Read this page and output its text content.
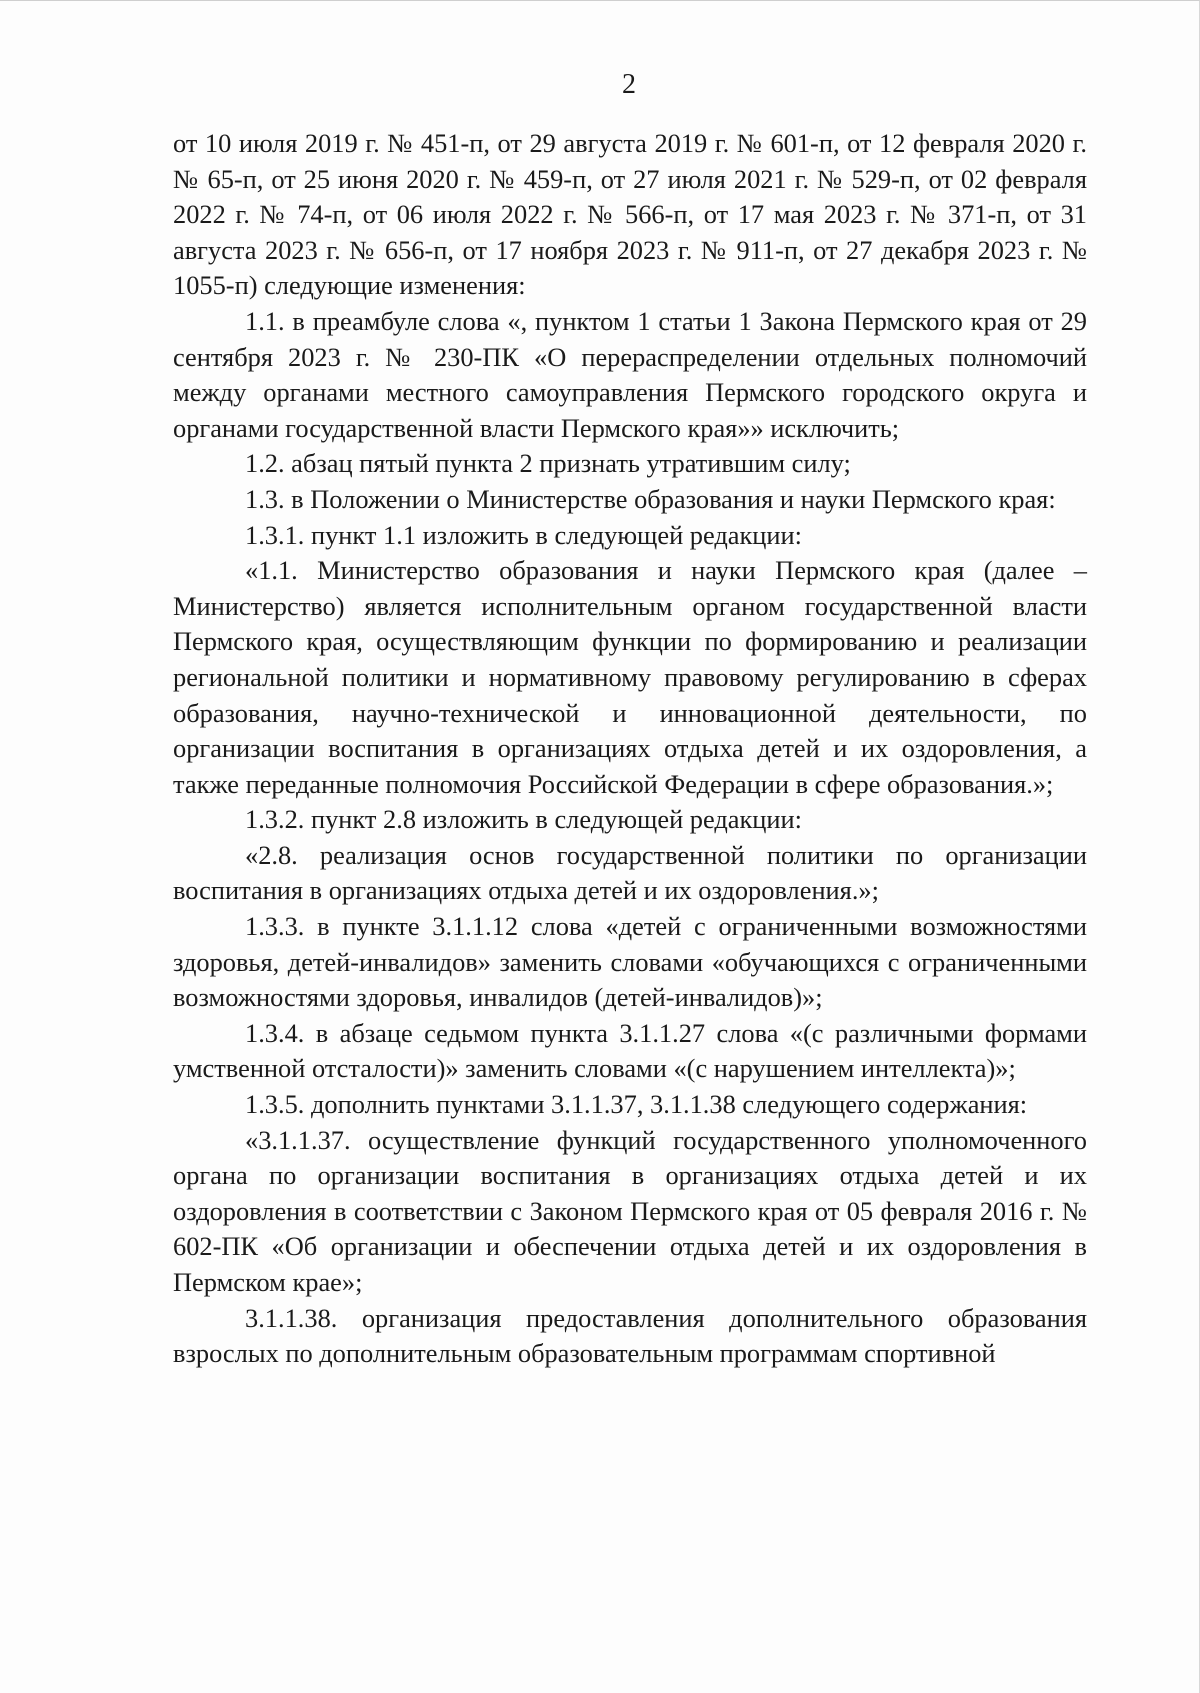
2

от 10 июля 2019 г. № 451-п, от 29 августа 2019 г. № 601-п, от 12 февраля 2020 г. № 65-п, от 25 июня 2020 г. № 459-п, от 27 июля 2021 г. № 529-п, от 02 февраля 2022 г. № 74-п, от 06 июля 2022 г. № 566-п, от 17 мая 2023 г. № 371-п, от 31 августа 2023 г. № 656-п, от 17 ноября 2023 г. № 911-п, от 27 декабря 2023 г. № 1055-п) следующие изменения:

1.1. в преамбуле слова «, пунктом 1 статьи 1 Закона Пермского края от 29 сентября 2023 г. № 230-ПК «О перераспределении отдельных полномочий между органами местного самоуправления Пермского городского округа и органами государственной власти Пермского края»» исключить;

1.2. абзац пятый пункта 2 признать утратившим силу;

1.3. в Положении о Министерстве образования и науки Пермского края:

1.3.1. пункт 1.1 изложить в следующей редакции:

«1.1. Министерство образования и науки Пермского края (далее – Министерство) является исполнительным органом государственной власти Пермского края, осуществляющим функции по формированию и реализации региональной политики и нормативному правовому регулированию в сферах образования, научно-технической и инновационной деятельности, по организации воспитания в организациях отдыха детей и их оздоровления, а также переданные полномочия Российской Федерации в сфере образования.»;

1.3.2. пункт 2.8 изложить в следующей редакции:

«2.8. реализация основ государственной политики по организации воспитания в организациях отдыха детей и их оздоровления.»;

1.3.3. в пункте 3.1.1.12 слова «детей с ограниченными возможностями здоровья, детей-инвалидов» заменить словами «обучающихся с ограниченными возможностями здоровья, инвалидов (детей-инвалидов)»;

1.3.4. в абзаце седьмом пункта 3.1.1.27 слова «(с различными формами умственной отсталости)» заменить словами «(с нарушением интеллекта)»;

1.3.5. дополнить пунктами 3.1.1.37, 3.1.1.38 следующего содержания:

«3.1.1.37. осуществление функций государственного уполномоченного органа по организации воспитания в организациях отдыха детей и их оздоровления в соответствии с Законом Пермского края от 05 февраля 2016 г. № 602-ПК «Об организации и обеспечении отдыха детей и их оздоровления в Пермском крае»;

3.1.1.38. организация предоставления дополнительного образования взрослых по дополнительным образовательным программам спортивной
